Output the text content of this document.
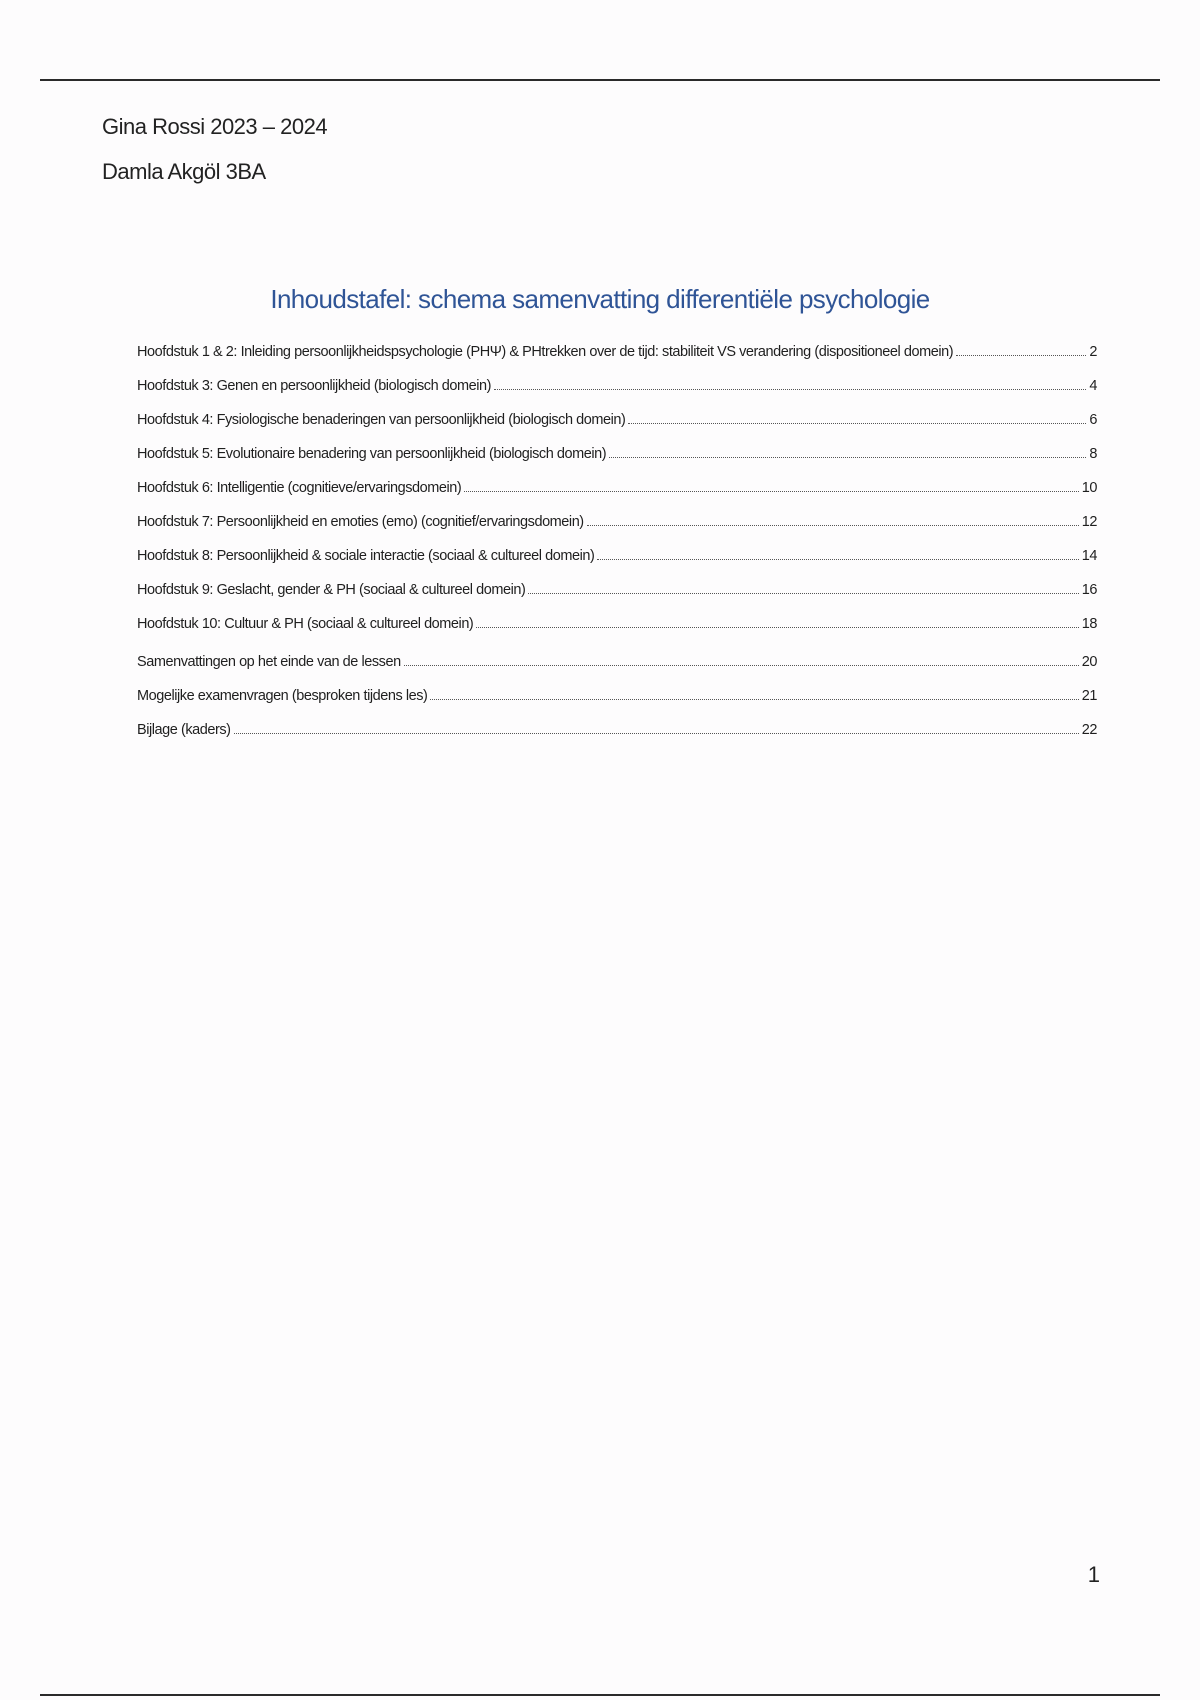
Gina Rossi 2023 – 2024
Damla Akgöl 3BA
Inhoudstafel: schema samenvatting differentiële psychologie
Hoofdstuk 1 & 2: Inleiding persoonlijkheidspsychologie (PHΨ) & PHtrekken over de tijd: stabiliteit VS verandering (dispositioneel domein)	2
Hoofdstuk 3: Genen en persoonlijkheid (biologisch domein)	4
Hoofdstuk 4: Fysiologische benaderingen van persoonlijkheid (biologisch domein)	6
Hoofdstuk 5: Evolutionaire benadering van persoonlijkheid (biologisch domein)	8
Hoofdstuk 6: Intelligentie (cognitieve/ervaringsdomein)	10
Hoofdstuk 7: Persoonlijkheid en emoties (emo) (cognitief/ervaringsdomein)	12
Hoofdstuk 8: Persoonlijkheid & sociale interactie (sociaal & cultureel domein)	14
Hoofdstuk 9: Geslacht, gender & PH (sociaal & cultureel domein)	16
Hoofdstuk 10: Cultuur & PH (sociaal & cultureel domein)	18
Samenvattingen op het einde van de lessen	20
Mogelijke examenvragen (besproken tijdens les)	21
Bijlage (kaders)	22
1
